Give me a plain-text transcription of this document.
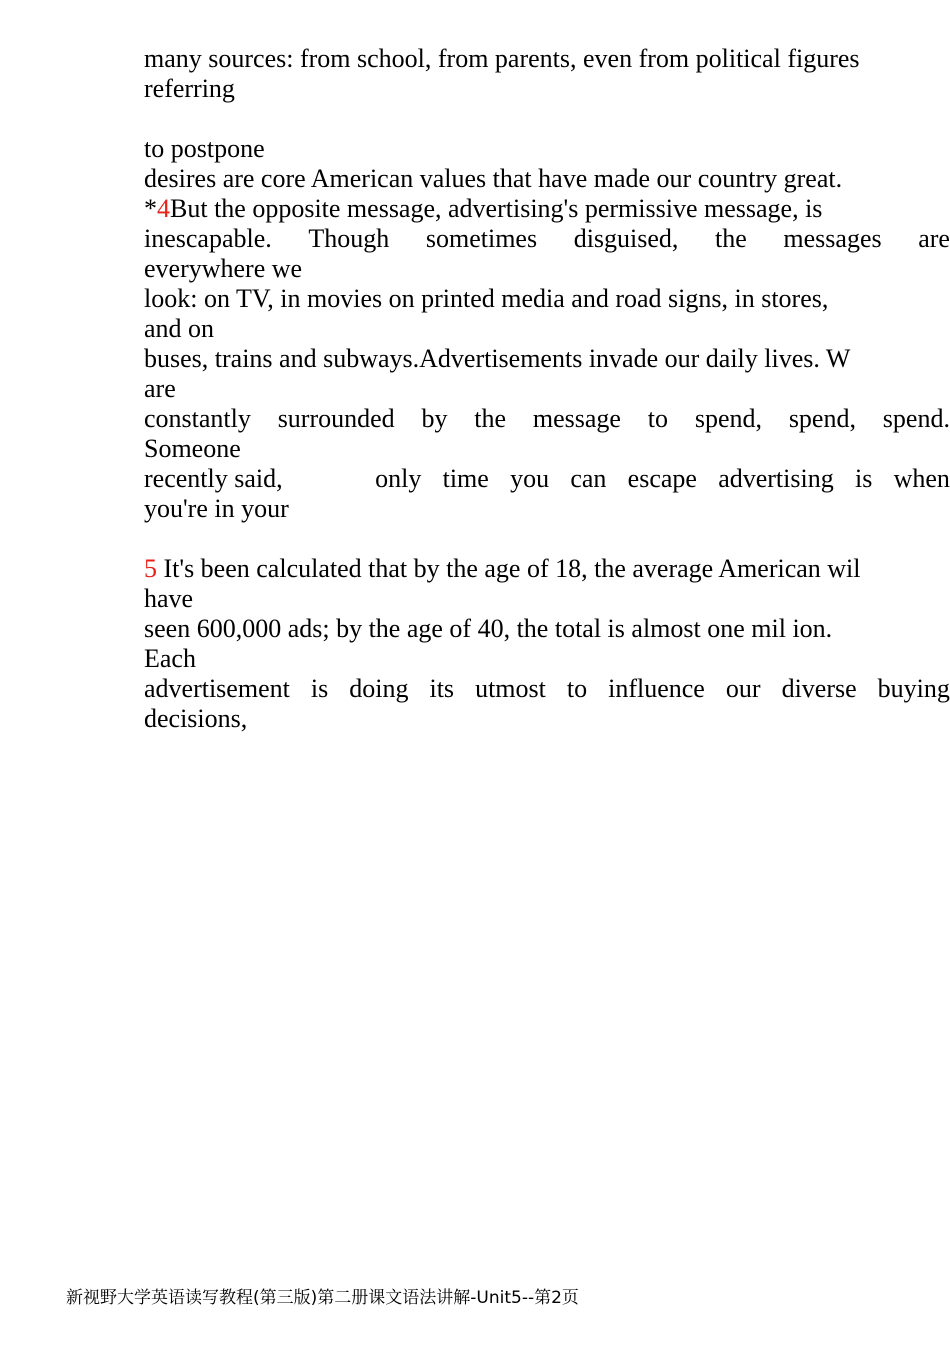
many sources: from school, from parents, even from political figures
referring
to postpone
desires are core American values that have made our country great.
*4But the opposite message, advertising's permissive message, is
inescapable. Though sometimes disguised, the messages are
everywhere we
look: on TV, in movies on printed media and road signs, in stores,
and on
buses, trains and subways.Advertisements invade our daily lives. W
are
constantly surrounded by the message to spend, spend, spend.
Someone
recently said,	only time you can escape advertising is when
you're in your
5 It's been calculated that by the age of 18, the average American wil
have
seen 600,000 ads; by the age of 40, the total is almost one mil ion.
Each
advertisement is doing its utmost to influence our diverse buying
decisions,
新视野大学英语读写教程(第三版)第二册课文语法讲解-Unit5--第2页
